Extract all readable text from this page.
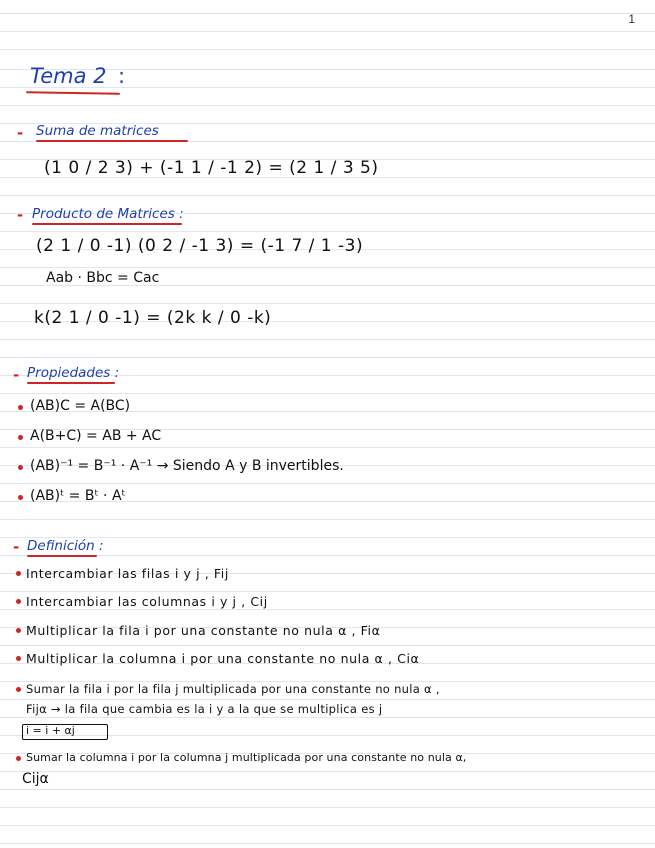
1
Tema 2 :
- Suma de matrices
(1 0 / 2 3) + (-1 1 / -1 2) = (2 1 / 3 5)
- Producto de Matrices :
(2 1 / 0 -1) (0 2 / -1 3) = (-1 7 / 1 -3)
Aab · Bbc = Cac
k(2 1 / 0 -1) = (2k k / 0 -k)
- Propiedades :
(AB)C = A(BC)
A(B+C) = AB + AC
(AB)⁻¹ = B⁻¹ · A⁻¹ → Siendo A y B invertibles.
(AB)ᵗ = Bᵗ · Aᵗ
- Definición :
Intercambiar las filas i y j , Fij
Intercambiar las columnas i y j , Cij
Multiplicar la fila i por una constante no nula α , Fiα
Multiplicar la columna i por una constante no nula α , Ciα
Sumar la fila i por la fila j multiplicada por una constante no nula α ,
Fijα → la fila que cambia es la i y a la que se multiplica es j
i = i + αj
Sumar la columna i por la columna j multiplicada por una constante no nula α,
Cijα
